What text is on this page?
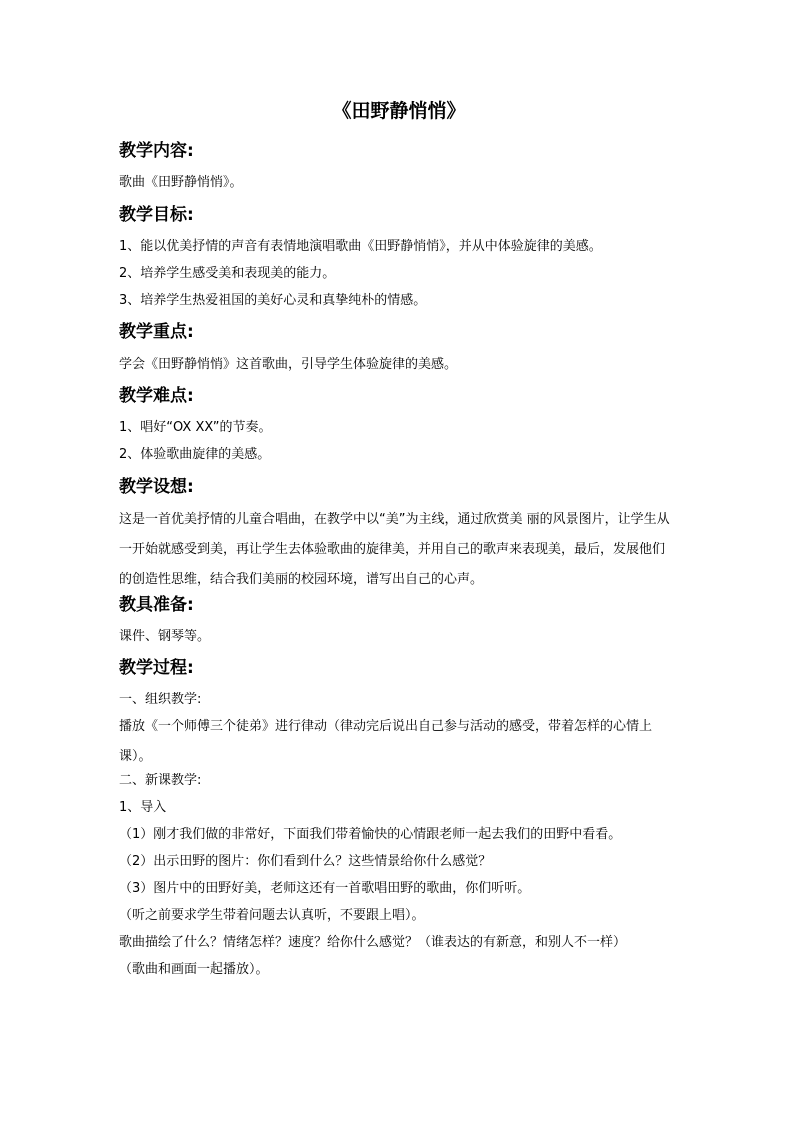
《田野静悄悄》
教学内容:
歌曲《田野静悄悄》。
教学目标:
1、能以优美抒情的声音有表情地演唱歌曲《田野静悄悄》，并从中体验旋律的美感。
2、培养学生感受美和表现美的能力。
3、培养学生热爱祖国的美好心灵和真挚纯朴的情感。
教学重点:
学会《田野静悄悄》这首歌曲，引导学生体验旋律的美感。
教学难点:
1、唱好“OX XX”的节奏。
2、体验歌曲旋律的美感。
教学设想:
这是一首优美抒情的儿童合唱曲，在教学中以“美”为主线，通过欣赏美 丽的风景图片，让学生从一开始就感受到美，再让学生去体验歌曲的旋律美，并用自己的歌声来表现美，最后，发展他们的创造性思维，结合我们美丽的校园环境，谱写出自己的心声。
教具准备:
课件、钢琴等。
教学过程:
一、组织教学:
播放《一个师傅三个徒弟》进行律动（律动完后说出自己参与活动的感受，带着怎样的心情上课）。
二、新课教学:
1、导入
（1）刚才我们做的非常好，下面我们带着愉快的心情跟老师一起去我们的田野中看看。
（2）出示田野的图片：你们看到什么？这些情景给你什么感觉？
（3）图片中的田野好美，老师这还有一首歌唱田野的歌曲，你们听听。
（听之前要求学生带着问题去认真听，不要跟上唱）。
歌曲描绘了什么？情绪怎样？速度？给你什么感觉？（谁表达的有新意，和别人不一样）
（歌曲和画面一起播放）。
